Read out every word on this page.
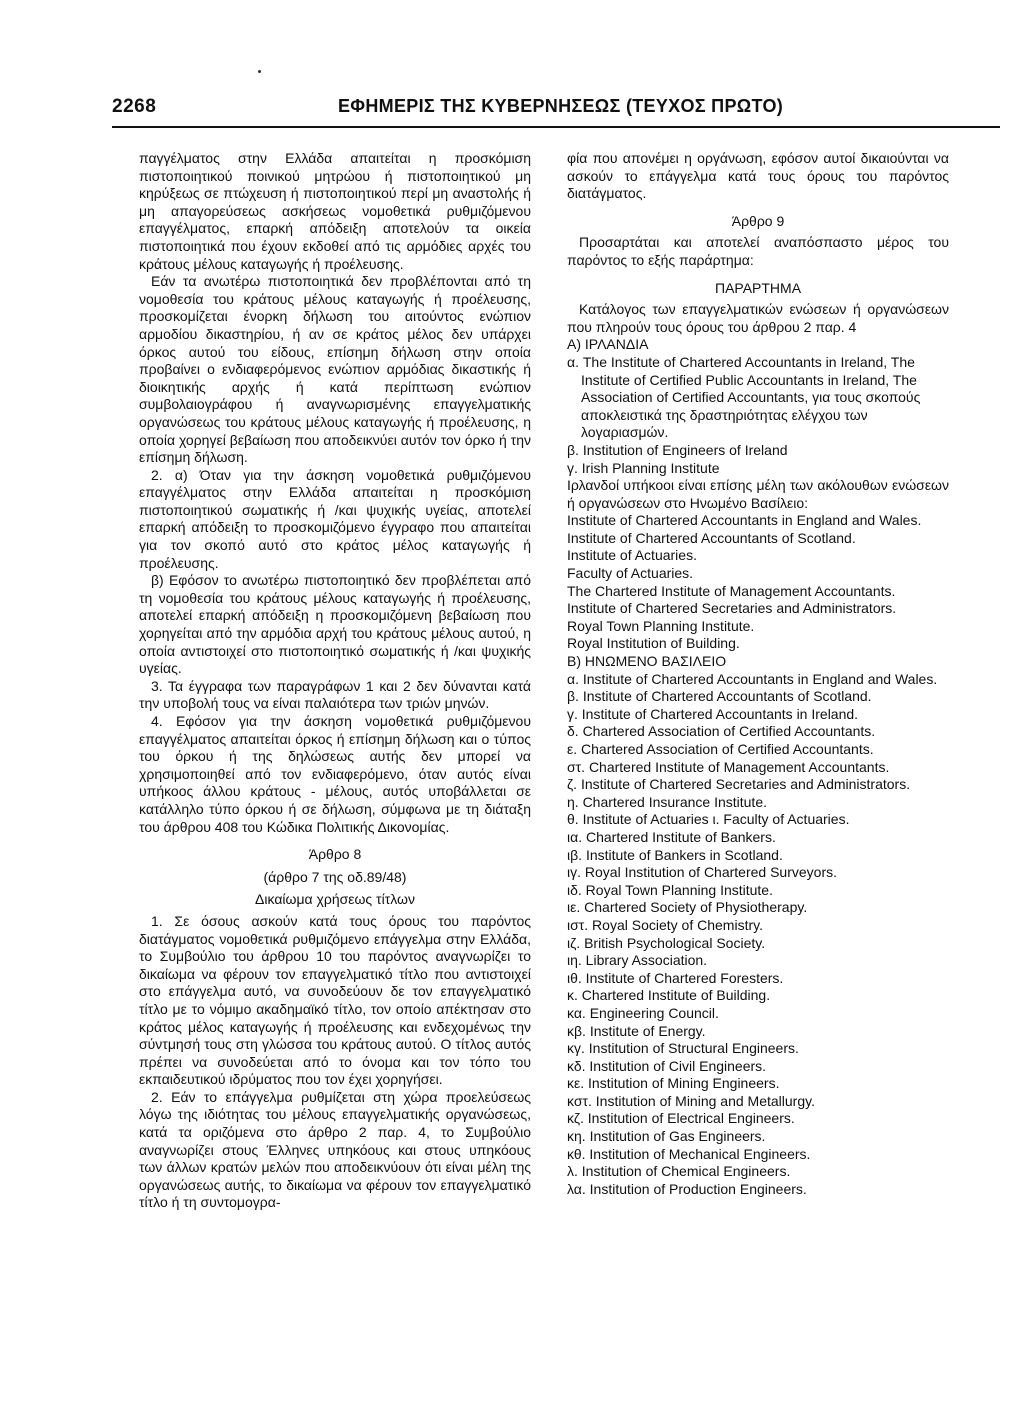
2268	ΕΦΗΜΕΡΙΣ ΤΗΣ ΚΥΒΕΡΝΗΣΕΩΣ (ΤΕΥΧΟΣ ΠΡΩΤΟ)

παγγέλματος στην Ελλάδα απαιτείται η προσκόμιση πιστοποιητικού ποινικού μητρώου ή πιστοποιητικού μη κηρύξεως σε πτώχευση ή πιστοποιητικού περί μη αναστολής ή μη απαγορεύσεως ασκήσεως νομοθετικά ρυθμιζόμενου επαγγέλματος, επαρκή απόδειξη αποτελούν τα οικεία πιστοποιητικά που έχουν εκδοθεί από τις αρμόδιες αρχές του κράτους μέλους καταγωγής ή προέλευσης.

Εάν τα ανωτέρω πιστοποιητικά δεν προβλέπονται από τη νομοθεσία του κράτους μέλους καταγωγής ή προέλευσης, προσκομίζεται ένορκη δήλωση του αιτούντος ενώπιον αρμοδίου δικαστηρίου, ή αν σε κράτος μέλος δεν υπάρχει όρκος αυτού του είδους, επίσημη δήλωση στην οποία προβαίνει ο ενδιαφερόμενος ενώπιον αρμόδιας δικαστικής ή διοικητικής αρχής ή κατά περίπτωση ενώπιον συμβολαιογράφου ή αναγνωρισμένης επαγγελματικής οργανώσεως του κράτους μέλους καταγωγής ή προέλευσης, η οποία χορηγεί βεβαίωση που αποδεικνύει αυτόν τον όρκο ή την επίσημη δήλωση.

2. α) Όταν για την άσκηση νομοθετικά ρυθμιζόμενου επαγγέλματος στην Ελλάδα απαιτείται η προσκόμιση πιστοποιητικού σωματικής ή /και ψυχικής υγείας, αποτελεί επαρκή απόδειξη το προσκομιζόμενο έγγραφο που απαιτείται για τον σκοπό αυτό στο κράτος μέλος καταγωγής ή προέλευσης.

β) Εφόσον το ανωτέρω πιστοποιητικό δεν προβλέπεται από τη νομοθεσία του κράτους μέλους καταγωγής ή προέλευσης, αποτελεί επαρκή απόδειξη η προσκομιζόμενη βεβαίωση που χορηγείται από την αρμόδια αρχή του κράτους μέλους αυτού, η οποία αντιστοιχεί στο πιστοποιητικό σωματικής ή /και ψυχικής υγείας.

3. Τα έγγραφα των παραγράφων 1 και 2 δεν δύνανται κατά την υποβολή τους να είναι παλαιότερα των τριών μηνών.

4. Εφόσον για την άσκηση νομοθετικά ρυθμιζόμενου επαγγέλματος απαιτείται όρκος ή επίσημη δήλωση και ο τύπος του όρκου ή της δηλώσεως αυτής δεν μπορεί να χρησιμοποιηθεί από τον ενδιαφερόμενο, όταν αυτός είναι υπήκοος άλλου κράτους - μέλους, αυτός υποβάλλεται σε κατάλληλο τύπο όρκου ή σε δήλωση, σύμφωνα με τη διάταξη του άρθρου 408 του Κώδικα Πολιτικής Δικονομίας.

Άρθρο 8

(άρθρο 7 της οδ.89/48)

Δικαίωμα χρήσεως τίτλων

1. Σε όσους ασκούν κατά τους όρους του παρόντος διατάγματος νομοθετικά ρυθμιζόμενο επάγγελμα στην Ελλάδα, το Συμβούλιο του άρθρου 10 του παρόντος αναγνωρίζει το δικαίωμα να φέρουν τον επαγγελματικό τίτλο που αντιστοιχεί στο επάγγελμα αυτό, να συνοδεύουν δε τον επαγγελματικό τίτλο με το νόμιμο ακαδημαϊκό τίτλο, τον οποίο απέκτησαν στο κράτος μέλος καταγωγής ή προέλευσης και ενδεχομένως την σύντμησή τους στη γλώσσα του κράτους αυτού. Ο τίτλος αυτός πρέπει να συνοδεύεται από το όνομα και τον τόπο του εκπαιδευτικού ιδρύματος που τον έχει χορηγήσει.

2. Εάν το επάγγελμα ρυθμίζεται στη χώρα προελεύσεως λόγω της ιδιότητας του μέλους επαγγελματικής οργανώσεως, κατά τα οριζόμενα στο άρθρο 2 παρ. 4, το Συμβούλιο αναγνωρίζει στους Έλληνες υπηκόους και στους υπηκόους των άλλων κρατών μελών που αποδεικνύουν ότι είναι μέλη της οργανώσεως αυτής, το δικαίωμα να φέρουν τον επαγγελματικό τίτλο ή τη συντομογρα-

φία που απονέμει η οργάνωση, εφόσον αυτοί δικαιούνται να ασκούν το επάγγελμα κατά τους όρους του παρόντος διατάγματος.

Άρθρο 9

Προσαρτάται και αποτελεί αναπόσπαστο μέρος του παρόντος το εξής παράρτημα:

ΠΑΡΑΡΤΗΜΑ

Κατάλογος των επαγγελματικών ενώσεων ή οργανώσεων που πληρούν τους όρους του άρθρου 2 παρ. 4

Α) ΙΡΛΑΝΔΙΑ

α. The Institute of Chartered Accountants in Ireland, The Institute of Certified Public Accountants in Ireland, The Association of Certified Accountants, για τους σκοπούς αποκλειστικά της δραστηριότητας ελέγχου των λογαριασμών.

β. Institution of Engineers of Ireland

γ. Irish Planning Institute

Ιρλανδοί υπήκοοι είναι επίσης μέλη των ακόλουθων ενώσεων ή οργανώσεων στο Ηνωμένο Βασίλειο:

Institute of Chartered Accountants in England and Wales.

Institute of Chartered Accountants of Scotland.

Institute of Actuaries.

Faculty of Actuaries.

The Chartered Institute of Management Accountants.

Institute of Chartered Secretaries and Administrators.

Royal Town Planning Institute.

Royal Institution of Building.

Β) ΗΝΩΜΕΝΟ ΒΑΣΙΛΕΙΟ

α. Institute of Chartered Accountants in England and Wales.

β. Institute of Chartered Accountants of Scotland.

γ. Institute of Chartered Accountants in Ireland.

δ. Chartered Association of Certified Accountants.

ε. Chartered Association of Certified Accountants.

στ. Chartered Institute of Management Accountants.

ζ. Institute of Chartered Secretaries and Administrators.

η. Chartered Insurance Institute.

θ. Institute of Actuaries ι. Faculty of Actuaries.

ια. Chartered Institute of Bankers.

ιβ. Institute of Bankers in Scotland.

ιγ. Royal Institution of Chartered Surveyors.

ιδ. Royal Town Planning Institute.

ιε. Chartered Society of Physiotherapy.

ιστ. Royal Society of Chemistry.

ιζ. British Psychological Society.

ιη. Library Association.

ιθ. Institute of Chartered Foresters.

κ. Chartered Institute of Building.

κα. Engineering Council.

κβ. Institute of Energy.

κγ. Institution of Structural Engineers.

κδ. Institution of Civil Engineers.

κε. Institution of Mining Engineers.

κστ. Institution of Mining and Metallurgy.

κζ. Institution of Electrical Engineers.

κη. Institution of Gas Engineers.

κθ. Institution of Mechanical Engineers.

λ. Institution of Chemical Engineers.

λα. Institution of Production Engineers.
